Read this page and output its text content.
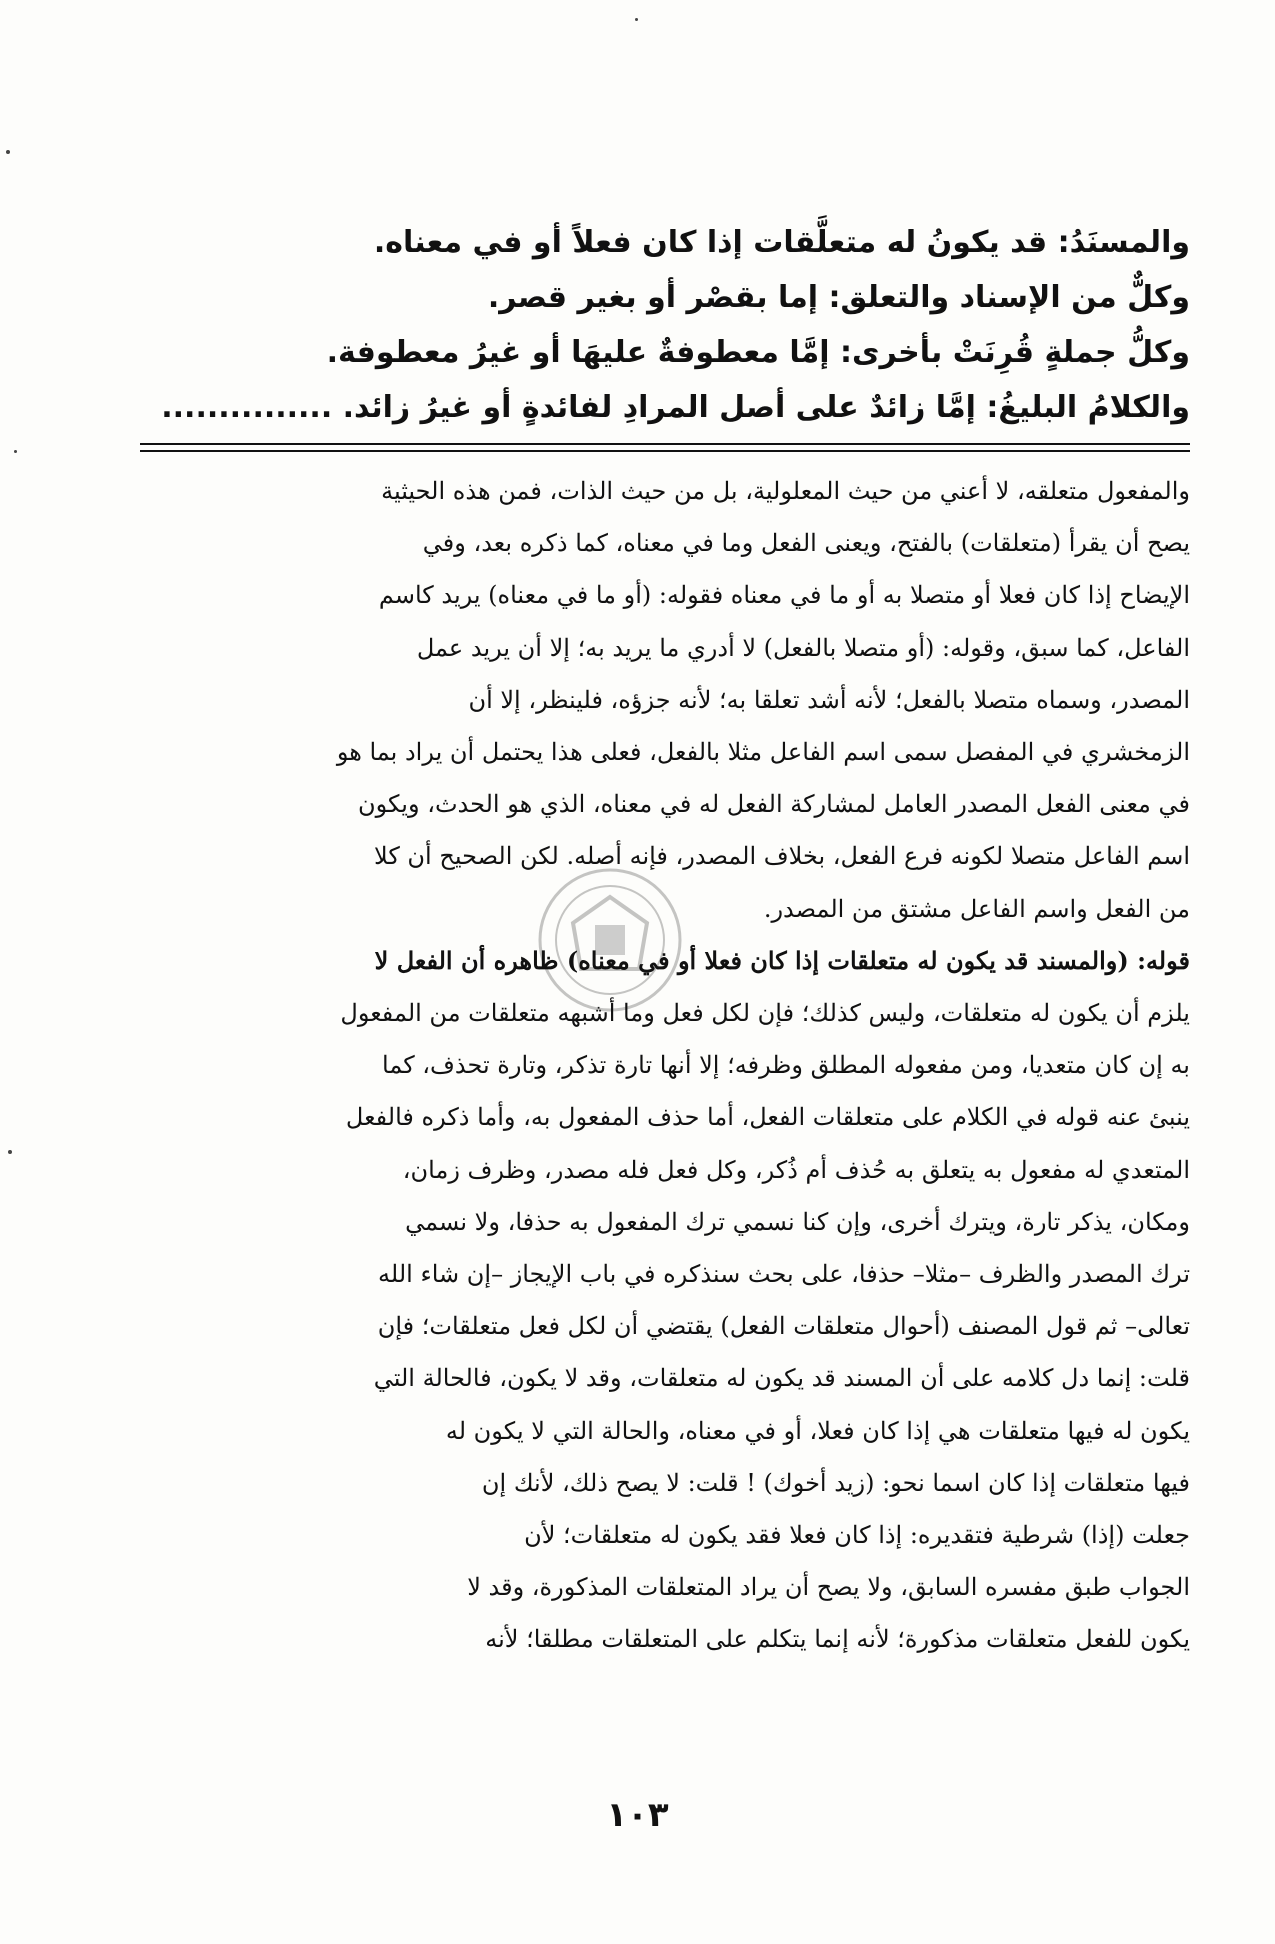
والمسنَدُ: قد يكونُ له متعلَّقات إذا كان فعلاً أو في معناه.

وكلٌّ من الإسناد والتعلق: إما بقصْر أو بغير قصر.

وكلُّ جملةٍ قُرِنَتْ بأخرى: إمَّا معطوفةٌ عليهَا أو غيرُ معطوفة.

والكلامُ البليغُ: إمَّا زائدٌ على أصل المرادِ لفائدةٍ أو غيرُ زائد. ...............

والمفعول متعلقه، لا أعني من حيث المعلولية، بل من حيث الذات، فمن هذه الحيثية

يصح أن يقرأ (متعلقات) بالفتح، ويعنى الفعل وما في معناه، كما ذكره بعد، وفي

الإيضاح إذا كان فعلا أو متصلا به أو ما في معناه فقوله: (أو ما في معناه) يريد كاسم

الفاعل، كما سبق، وقوله: (أو متصلا بالفعل) لا أدري ما يريد به؛ إلا أن يريد عمل

المصدر، وسماه متصلا بالفعل؛ لأنه أشد تعلقا به؛ لأنه جزؤه، فلينظر، إلا أن

الزمخشري في المفصل سمى اسم الفاعل مثلا بالفعل، فعلى هذا يحتمل أن يراد بما هو

في معنى الفعل المصدر العامل لمشاركة الفعل له في معناه، الذي هو الحدث، ويكون

اسم الفاعل متصلا لكونه فرع الفعل، بخلاف المصدر، فإنه أصله. لكن الصحيح أن كلا

من الفعل واسم الفاعل مشتق من المصدر.

قوله: (والمسند قد يكون له متعلقات إذا كان فعلا أو في معناه) ظاهره أن الفعل لا

يلزم أن يكون له متعلقات، وليس كذلك؛ فإن لكل فعل وما أشبهه متعلقات من المفعول

به إن كان متعديا، ومن مفعوله المطلق وظرفه؛ إلا أنها تارة تذكر، وتارة تحذف، كما

ينبئ عنه قوله في الكلام على متعلقات الفعل، أما حذف المفعول به، وأما ذكره فالفعل

المتعدي له مفعول به يتعلق به حُذف أم ذُكر، وكل فعل فله مصدر، وظرف زمان،

ومكان، يذكر تارة، ويترك أخرى، وإن كنا نسمي ترك المفعول به حذفا، ولا نسمي

ترك المصدر والظرف –مثلا– حذفا، على بحث سنذكره في باب الإيجاز –إن شاء الله

تعالى– ثم قول المصنف (أحوال متعلقات الفعل) يقتضي أن لكل فعل متعلقات؛ فإن

قلت: إنما دل كلامه على أن المسند قد يكون له متعلقات، وقد لا يكون، فالحالة التي

يكون له فيها متعلقات هي إذا كان فعلا، أو في معناه، والحالة التي لا يكون له

فيها متعلقات إذا كان اسما نحو: (زيد أخوك) ! قلت: لا يصح ذلك، لأنك إن

جعلت (إذا) شرطية فتقديره: إذا كان فعلا فقد يكون له متعلقات؛ لأن

الجواب طبق مفسره السابق، ولا يصح أن يراد المتعلقات المذكورة، وقد لا

يكون للفعل متعلقات مذكورة؛ لأنه إنما يتكلم على المتعلقات مطلقا؛ لأنه

١٠٣
